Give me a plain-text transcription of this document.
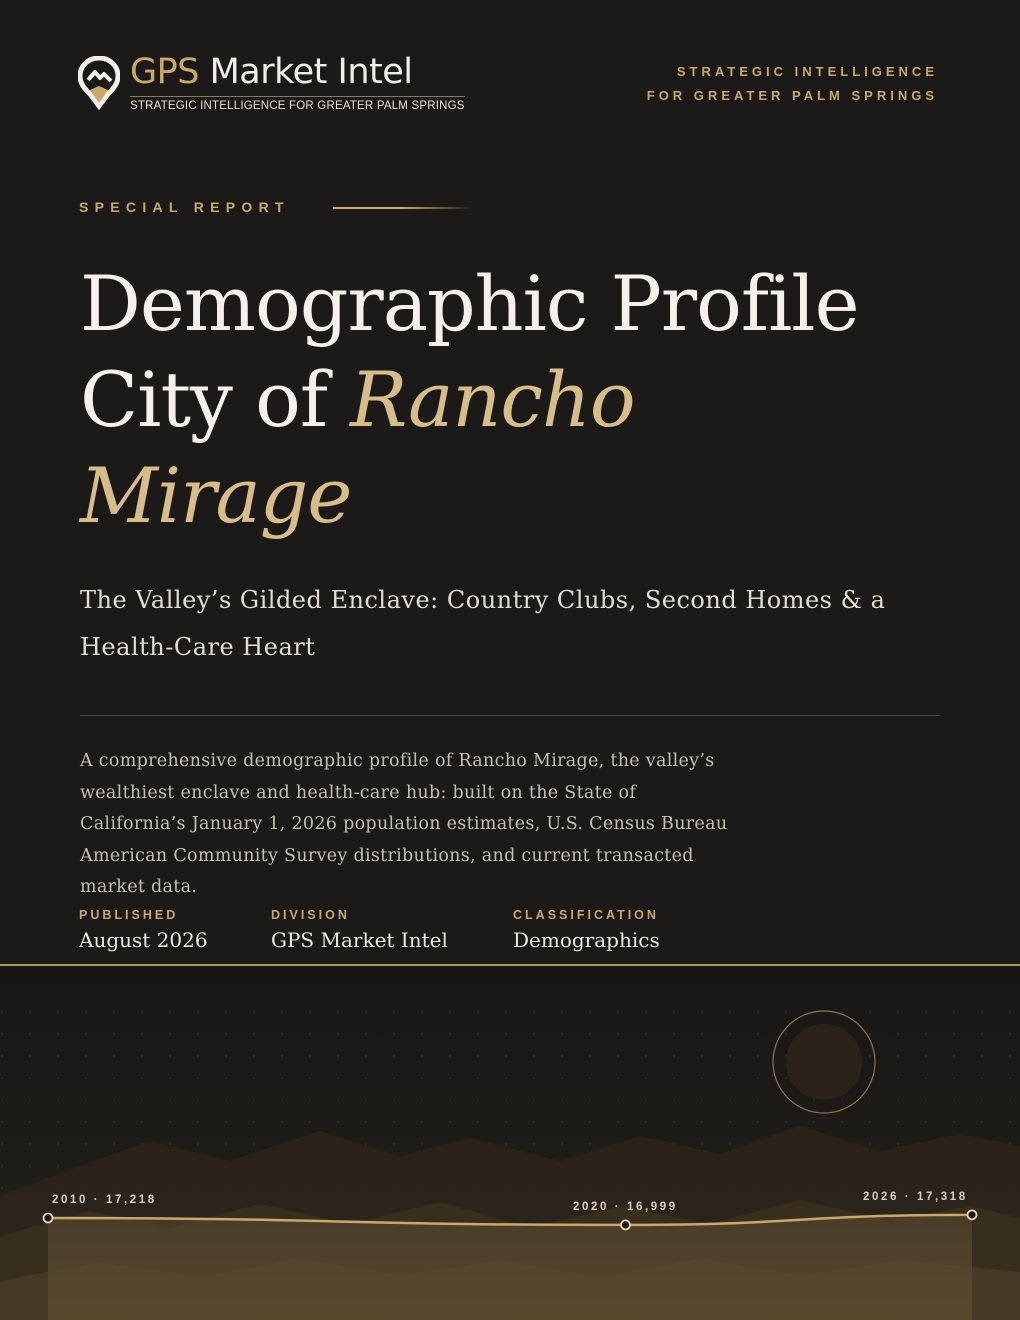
GPS Market Intel
STRATEGIC INTELLIGENCE FOR GREATER PALM SPRINGS
STRATEGIC INTELLIGENCE
FOR GREATER PALM SPRINGS
SPECIAL REPORT
Demographic Profile
City of Rancho
Mirage
The Valley’s Gilded Enclave: Country Clubs, Second Homes & a Health-Care Heart
A comprehensive demographic profile of Rancho Mirage, the valley’s wealthiest enclave and health-care hub: built on the State of California’s January 1, 2026 population estimates, U.S. Census Bureau American Community Survey distributions, and current transacted market data.
PUBLISHED
August 2026
DIVISION
GPS Market Intel
CLASSIFICATION
Demographics
2010 · 17,218
2020 · 16,999
2026 · 17,318
